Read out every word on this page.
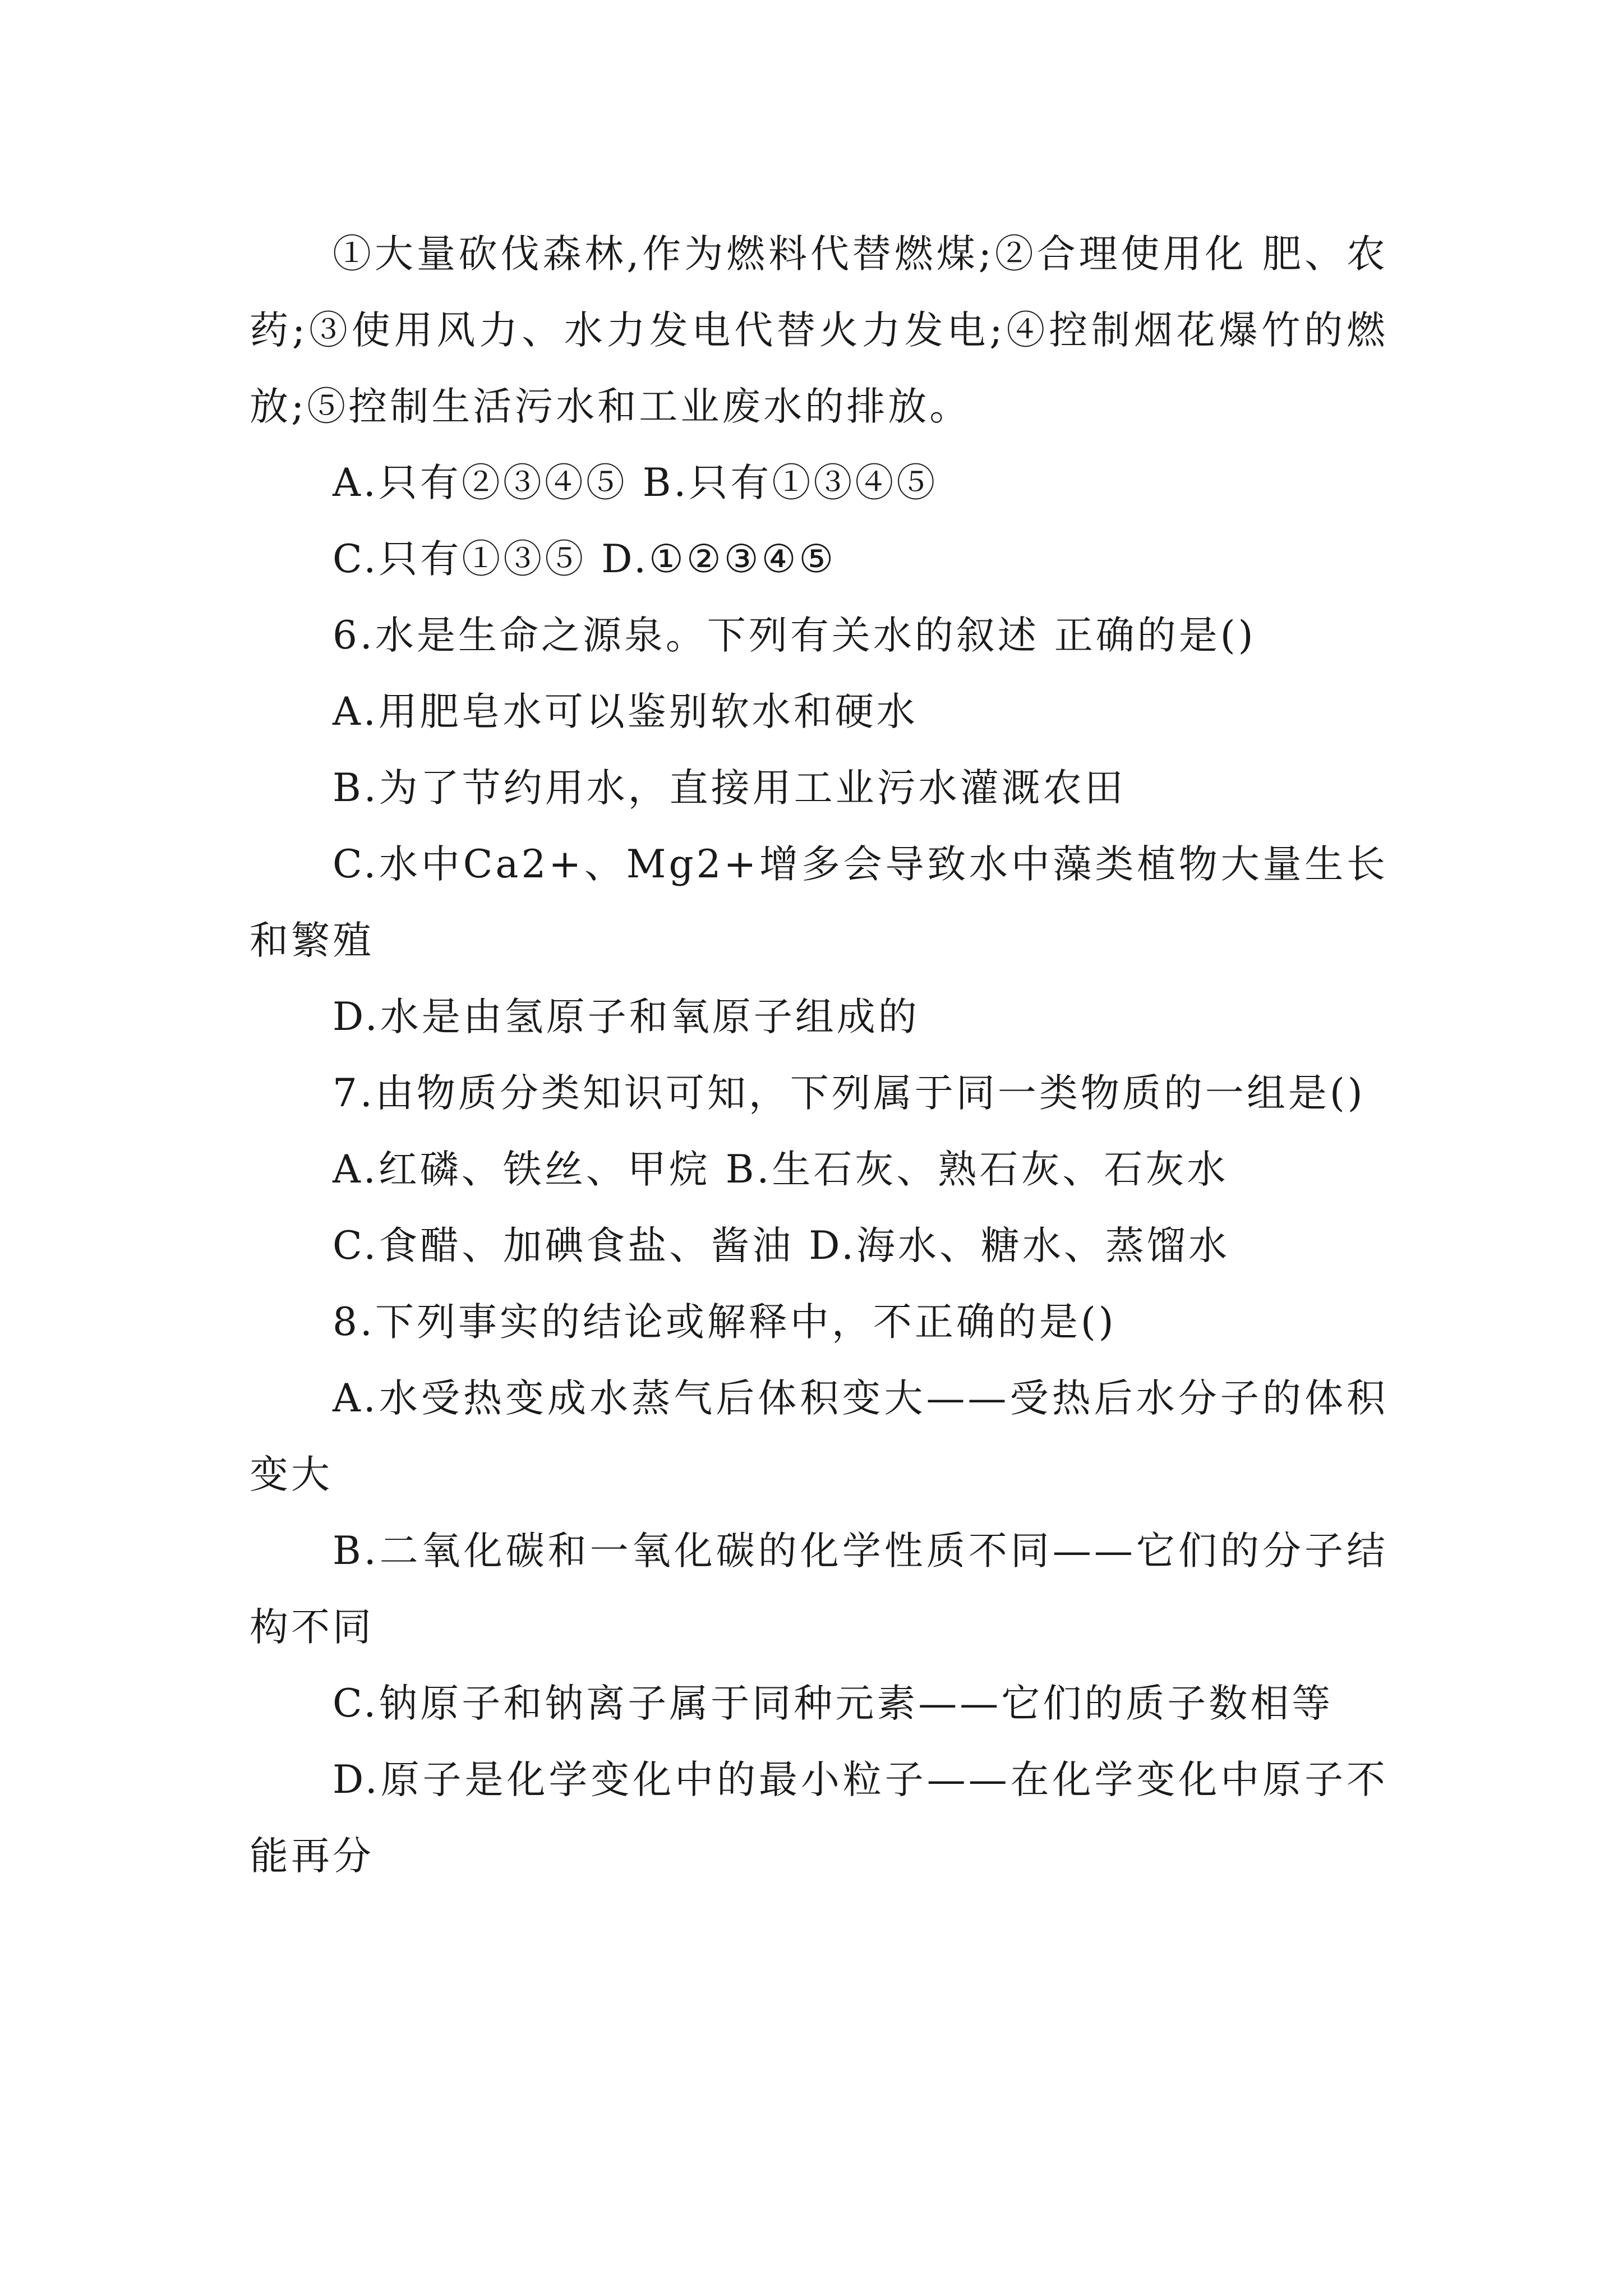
①大量砍伐森林,作为燃料代替燃煤;②合理使用化 肥、农药;③使用风力、水力发电代替火力发电;④控制烟花爆竹的燃放;⑤控制生活污水和工业废水的排放。

A.只有②③④⑤ B.只有①③④⑤

C.只有①③⑤ D.①②③④⑤

6.水是生命之源泉。下列有关水的叙述 正确的是()

A.用肥皂水可以鉴别软水和硬水

B.为了节约用水，直接用工业污水灌溉农田

C.水中Ca2+、Mg2+增多会导致水中藻类植物大量生长和繁殖

D.水是由氢原子和氧原子组成的

7.由物质分类知识可知，下列属于同一类物质的一组是()

A.红磷、铁丝、甲烷 B.生石灰、熟石灰、石灰水

C.食醋、加碘食盐、酱油 D.海水、糖水、蒸馏水

8.下列事实的结论或解释中，不正确的是()

A.水受热变成水蒸气后体积变大——受热后水分子的体积变大

B.二氧化碳和一氧化碳的化学性质不同——它们的分子结构不同

C.钠原子和钠离子属于同种元素——它们的质子数相等

D.原子是化学变化中的最小粒子——在化学变化中原子不能再分
